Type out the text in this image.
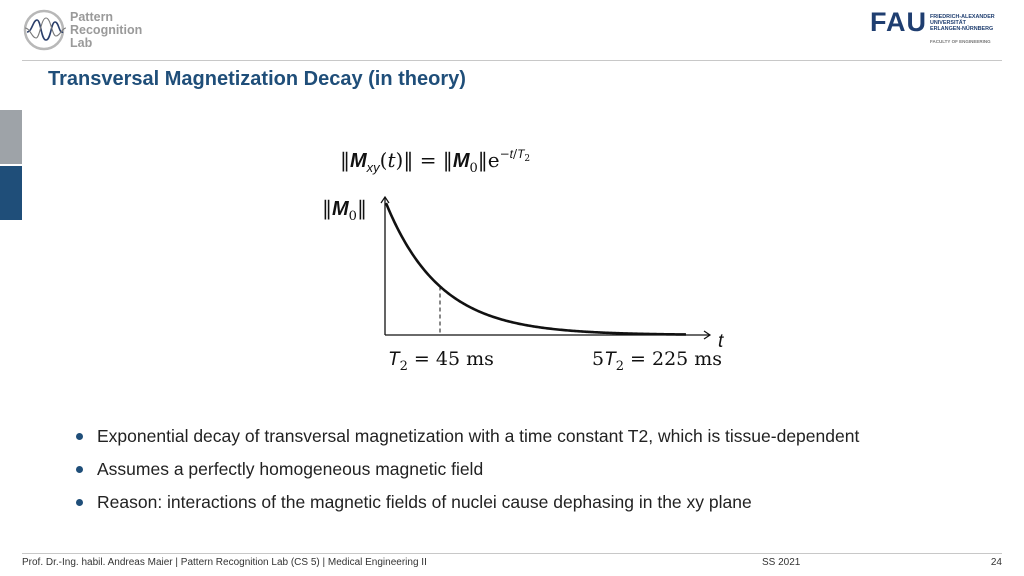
Pattern
Recognition
Lab
FAU FRIEDRICH-ALEXANDER
UNIVERSITÄT
ERLANGEN-NÜRNBERG
FACULTY OF ENGINEERING
Transversal Magnetization Decay (in theory)
$‖M_{xy}(t)‖$ = $‖M_0‖e^-t/T2$
$‖M_0‖$
t
$T_2 = 45$ ms	$5T_2 = 225$ ms
Exponential decay of transversal magnetization with a time constant T2, which is tissue-dependent
Assumes a perfectly homogeneous magnetic field
Reason: interactions of the magnetic fields of nuclei cause dephasing in the xy plane
Prof. Dr.-Ing. habil. Andreas Maier | Pattern Recognition Lab (CS 5) | Medical Engineering II	SS 2021	24
